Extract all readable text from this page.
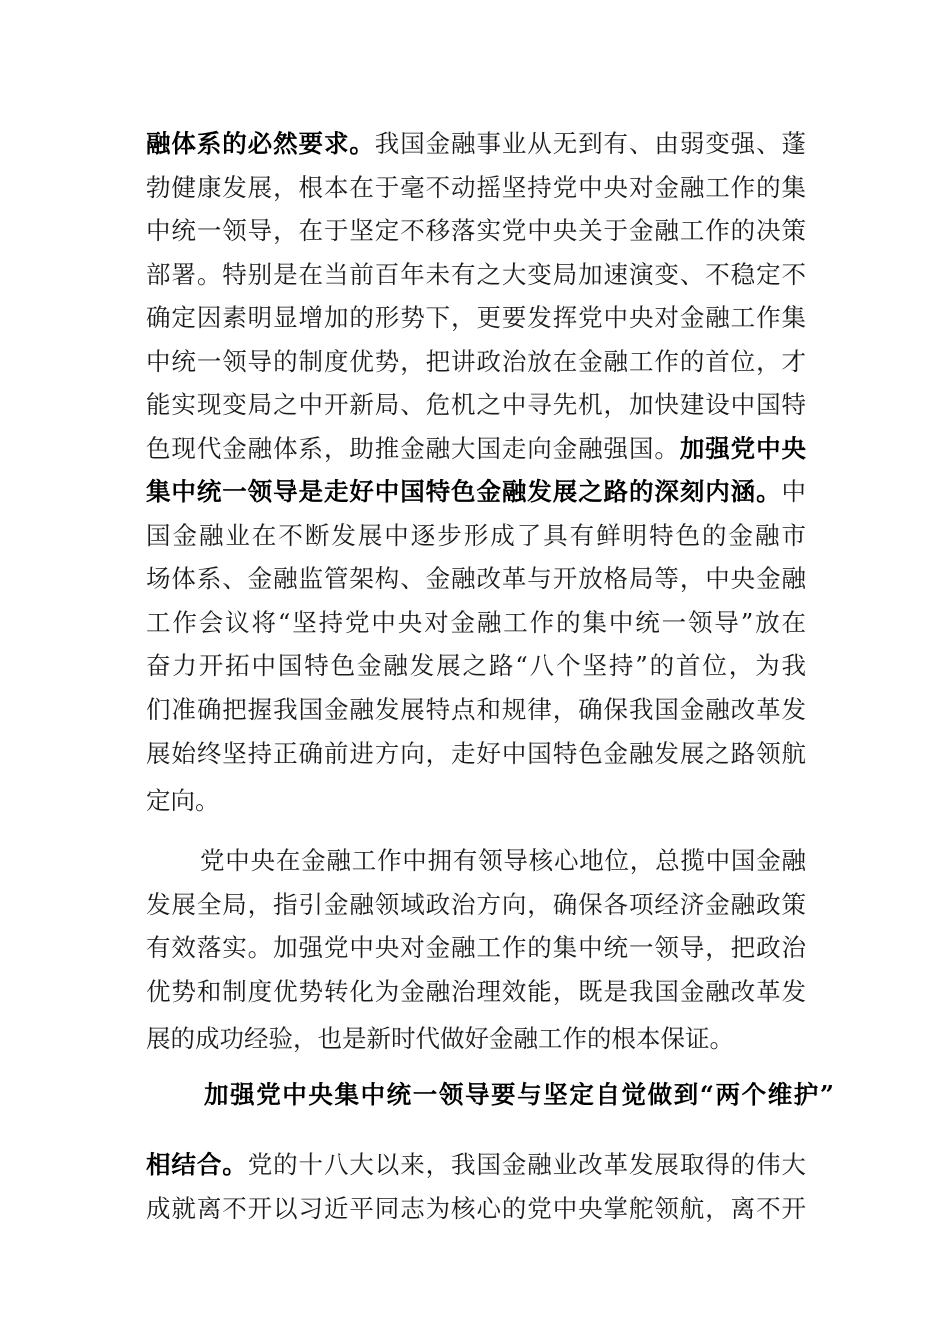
融体系的必然要求。我国金融事业从无到有、由弱变强、蓬
勃健康发展，根本在于毫不动摇坚持党中央对金融工作的集
中统一领导，在于坚定不移落实党中央关于金融工作的决策
部署。特别是在当前百年未有之大变局加速演变、不稳定不
确定因素明显增加的形势下，更要发挥党中央对金融工作集
中统一领导的制度优势，把讲政治放在金融工作的首位，才
能实现变局之中开新局、危机之中寻先机，加快建设中国特
色现代金融体系，助推金融大国走向金融强国。加强党中央
集中统一领导是走好中国特色金融发展之路的深刻内涵。中
国金融业在不断发展中逐步形成了具有鲜明特色的金融市
场体系、金融监管架构、金融改革与开放格局等，中央金融
工作会议将“坚持党中央对金融工作的集中统一领导”放在
奋力开拓中国特色金融发展之路“八个坚持”的首位，为我
们准确把握我国金融发展特点和规律，确保我国金融改革发
展始终坚持正确前进方向，走好中国特色金融发展之路领航
定向。
党中央在金融工作中拥有领导核心地位，总揽中国金融
发展全局，指引金融领域政治方向，确保各项经济金融政策
有效落实。加强党中央对金融工作的集中统一领导，把政治
优势和制度优势转化为金融治理效能，既是我国金融改革发
展的成功经验，也是新时代做好金融工作的根本保证。
加强党中央集中统一领导要与坚定自觉做到“两个维护”
相结合。党的十八大以来，我国金融业改革发展取得的伟大
成就离不开以习近平同志为核心的党中央掌舵领航，离不开
